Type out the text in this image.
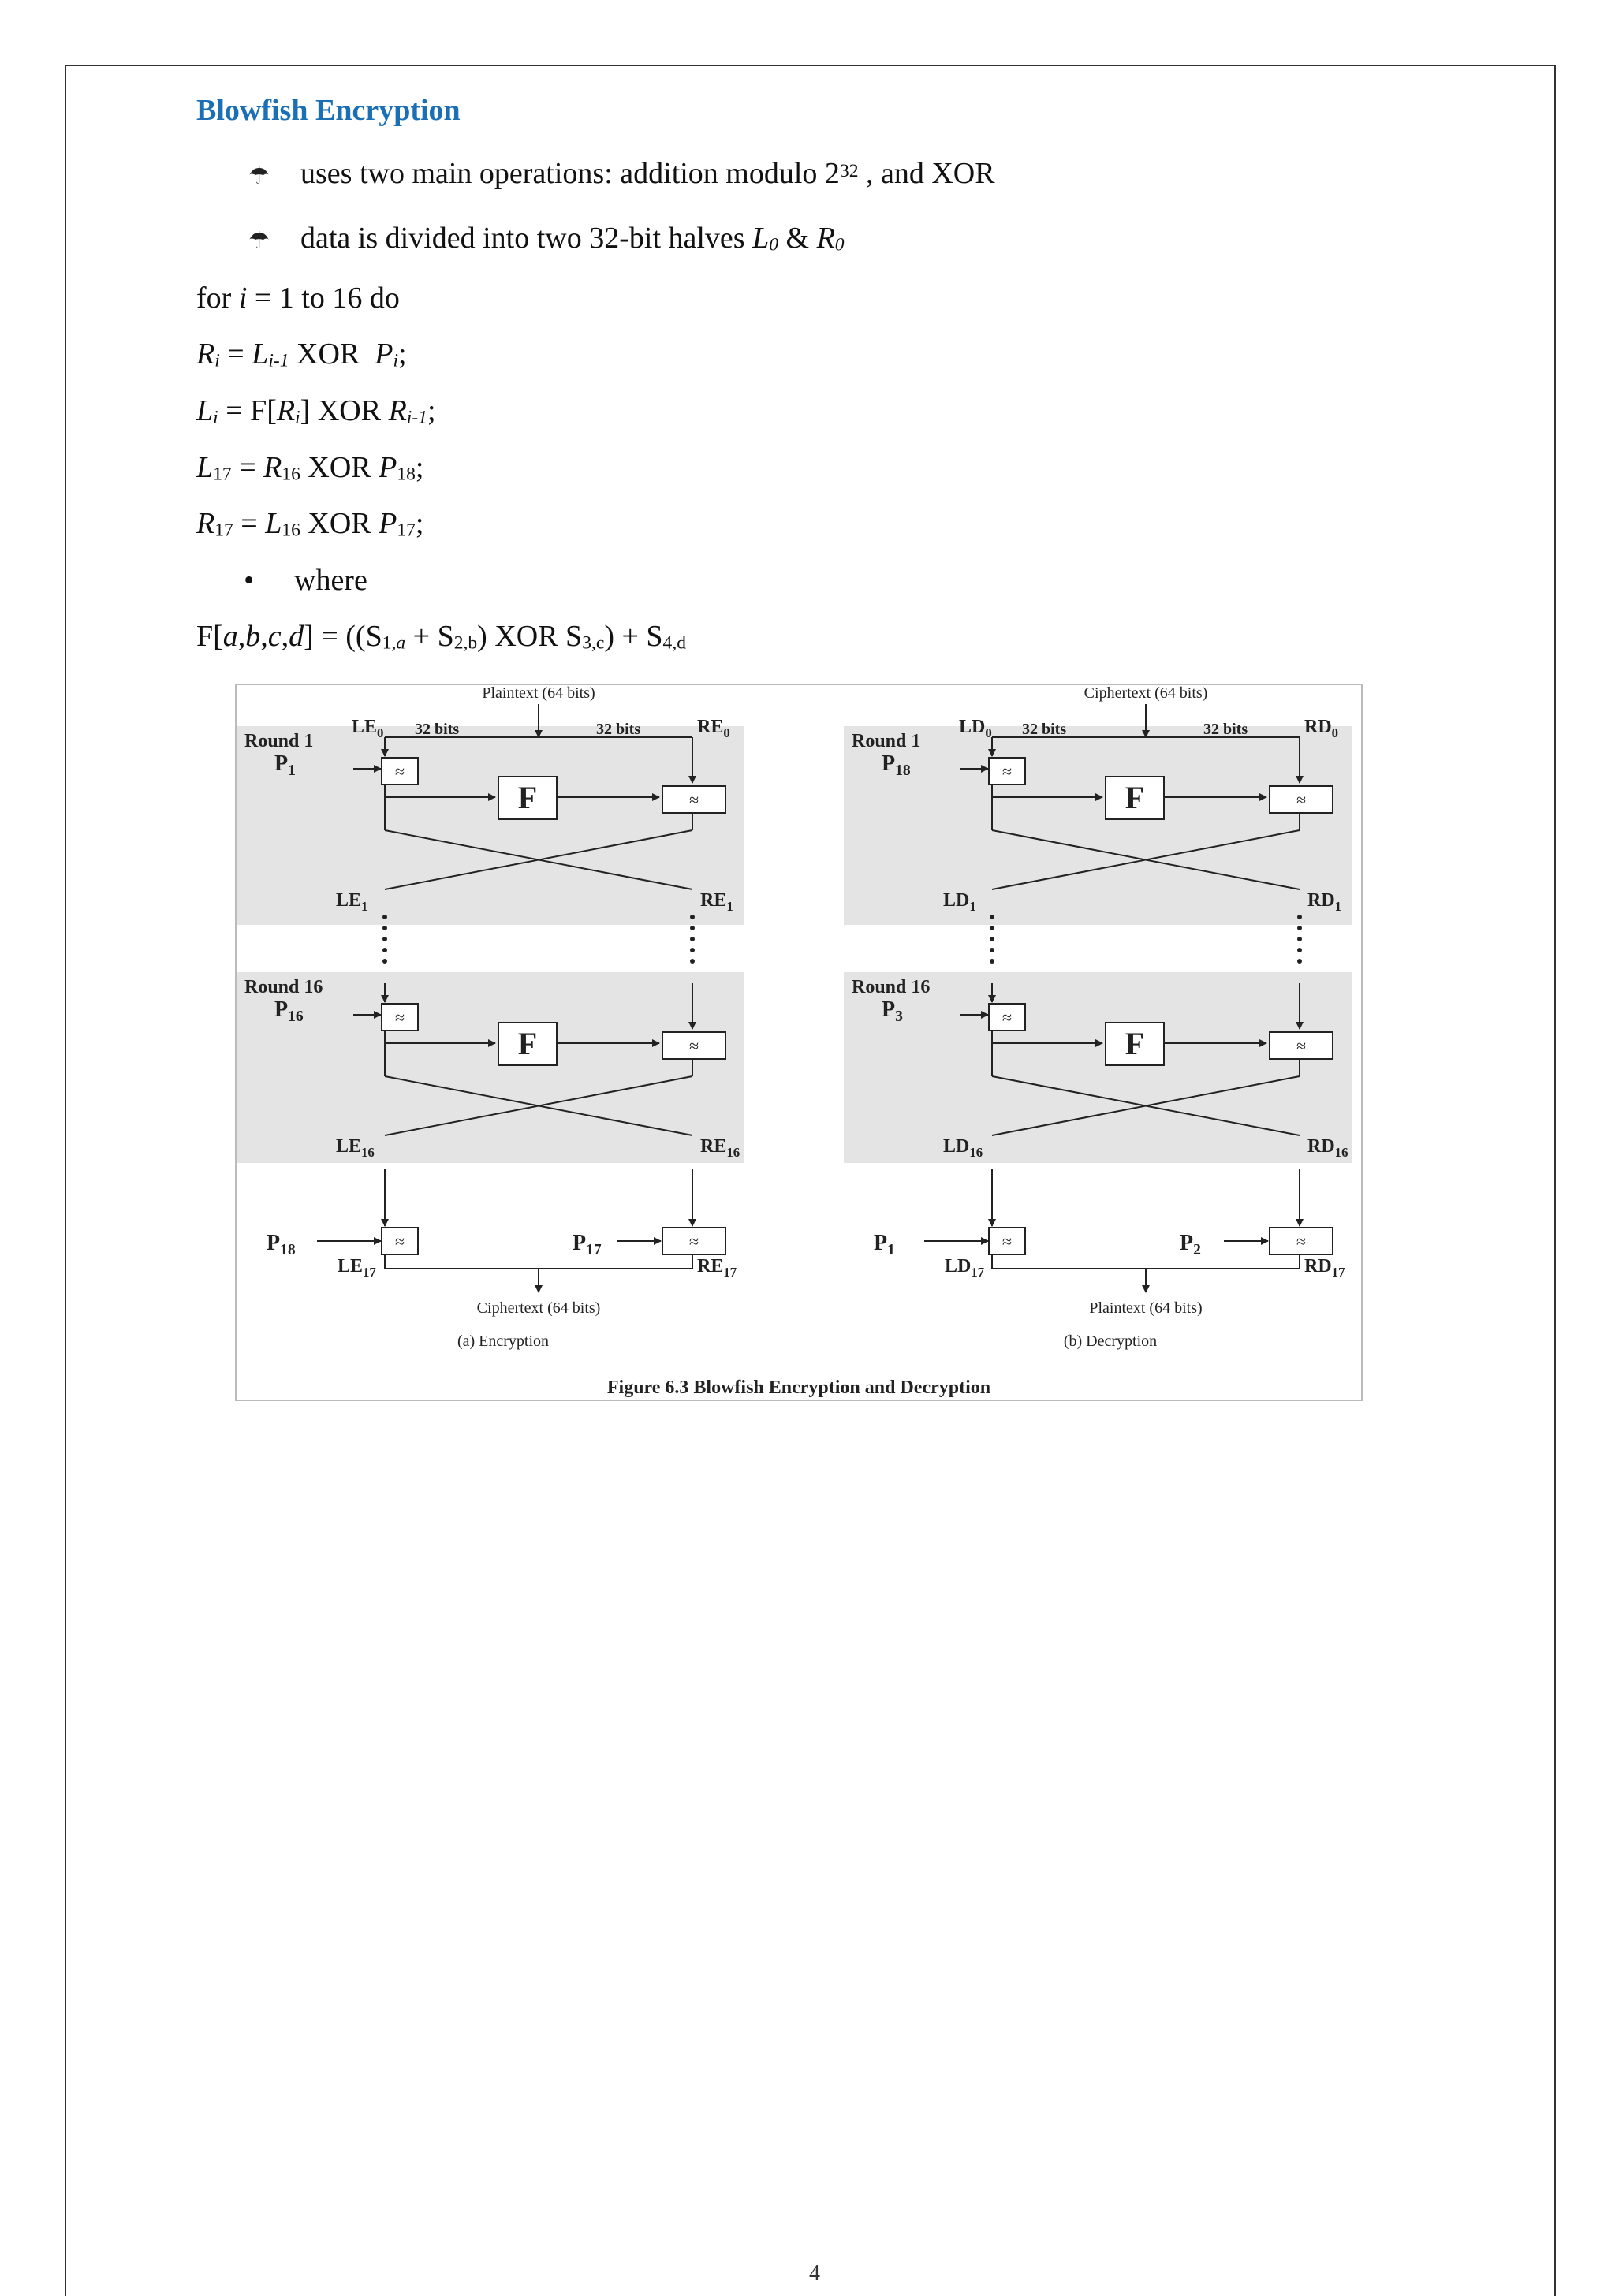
Blowfish Encryption
☂ uses two main operations: addition modulo $2^{32}$ , and XOR
☂ data is divided into two 32-bit halves $L_0$ & $R_0$
for i = 1 to 16 do
$R_i = L_{i-1}$ XOR  $P_i$;
$L_i = F[R_i]$ XOR $R_{i-1}$;
$L_{17} = R_{16}$ XOR $P_{18}$;
$R_{17} = L_{16}$ XOR $P_{17}$;
• where
$F[a,b,c,d] = ((S_{1,a} + S_{2,b})$ XOR $S_{3,c}) + S_{4,d}$
Plaintext (64 bits)
$LE_0$	$RE_0$
32 bits	32 bits
Round 1
$P_1$	≈
F	≈
$LE_1$	$RE_1$
Round 16
$P_{16}$	≈
F	≈
$LE_{16}$	$RE_{16}$
≈	≈
$P_{18}$	$P_{17}$
$LE_{17}$	$RE_{17}$
Ciphertext (64 bits)
(a) Encryption
Ciphertext (64 bits)
$LD_0$	$RD_0$
32 bits	32 bits
Round 1
$P_{18}$	≈
F	≈
$LD_1$	$RD_1$
Round 16
$P_3$	≈
F	≈
$LD_{16}$	$RD_{16}$
≈	≈
$P_1$	$P_2$
$LD_{17}$	$RD_{17}$
Plaintext (64 bits)
(b) Decryption
Figure 6.3 Blowfish Encryption and Decryption
4
